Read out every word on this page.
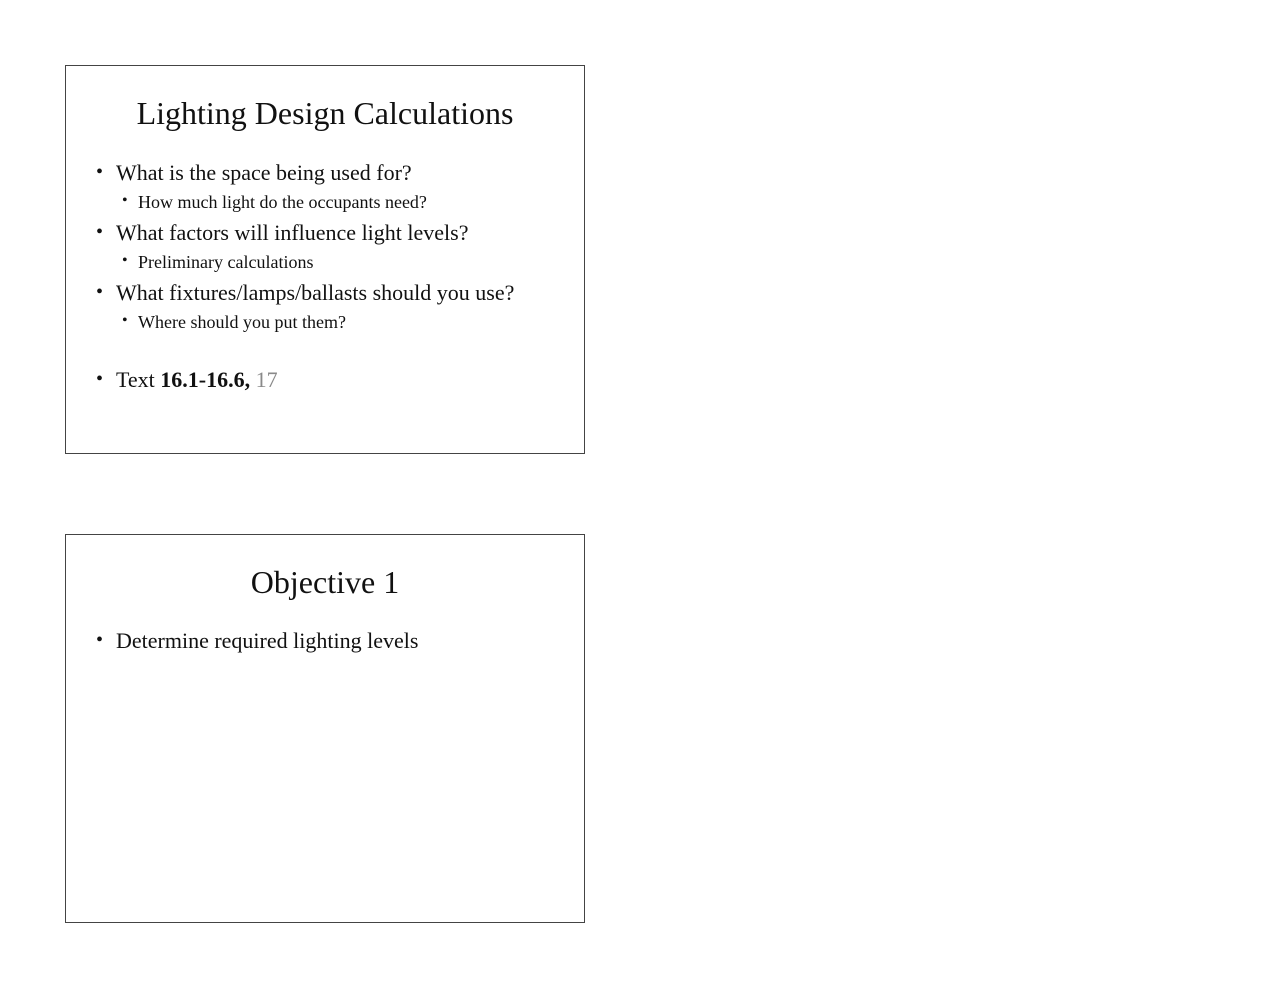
Lighting Design Calculations
• What is the space being used for?
• How much light do the occupants need?
• What factors will influence light levels?
• Preliminary calculations
• What fixtures/lamps/ballasts should you use?
• Where should you put them?
• Text 16.1-16.6, 17
Objective 1
• Determine required lighting levels
